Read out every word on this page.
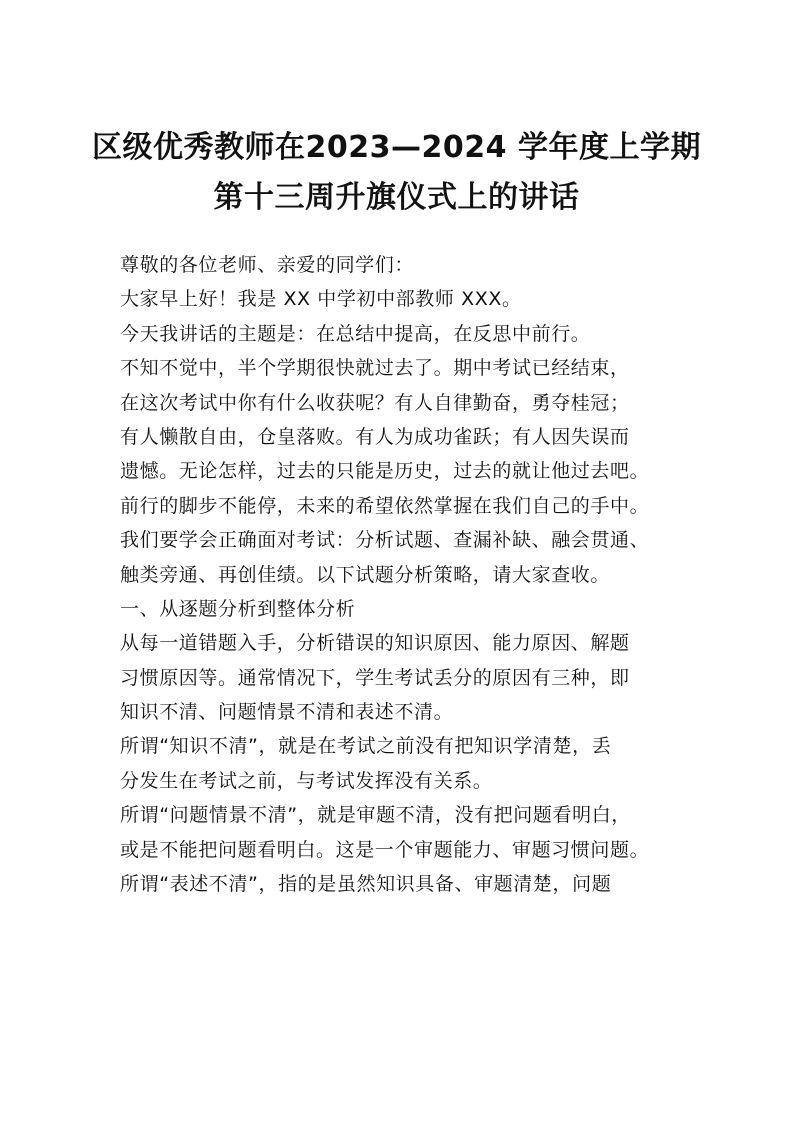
区级优秀教师在2023—2024 学年度上学期
第十三周升旗仪式上的讲话
尊敬的各位老师、亲爱的同学们：
大家早上好！我是 XX 中学初中部教师 XXX。
今天我讲话的主题是：在总结中提高，在反思中前行。
不知不觉中，半个学期很快就过去了。期中考试已经结束，
在这次考试中你有什么收获呢？有人自律勤奋，勇夺桂冠；
有人懒散自由，仓皇落败。有人为成功雀跃；有人因失误而
遗憾。无论怎样，过去的只能是历史，过去的就让他过去吧。
前行的脚步不能停，未来的希望依然掌握在我们自己的手中。
我们要学会正确面对考试：分析试题、查漏补缺、融会贯通、
触类旁通、再创佳绩。以下试题分析策略，请大家查收。
一、从逐题分析到整体分析
从每一道错题入手，分析错误的知识原因、能力原因、解题
习惯原因等。通常情况下，学生考试丢分的原因有三种，即
知识不清、问题情景不清和表述不清。
所谓“知识不清”，就是在考试之前没有把知识学清楚，丢
分发生在考试之前，与考试发挥没有关系。
所谓“问题情景不清”，就是审题不清，没有把问题看明白，
或是不能把问题看明白。这是一个审题能力、审题习惯问题。
所谓“表述不清”，指的是虽然知识具备、审题清楚，问题
